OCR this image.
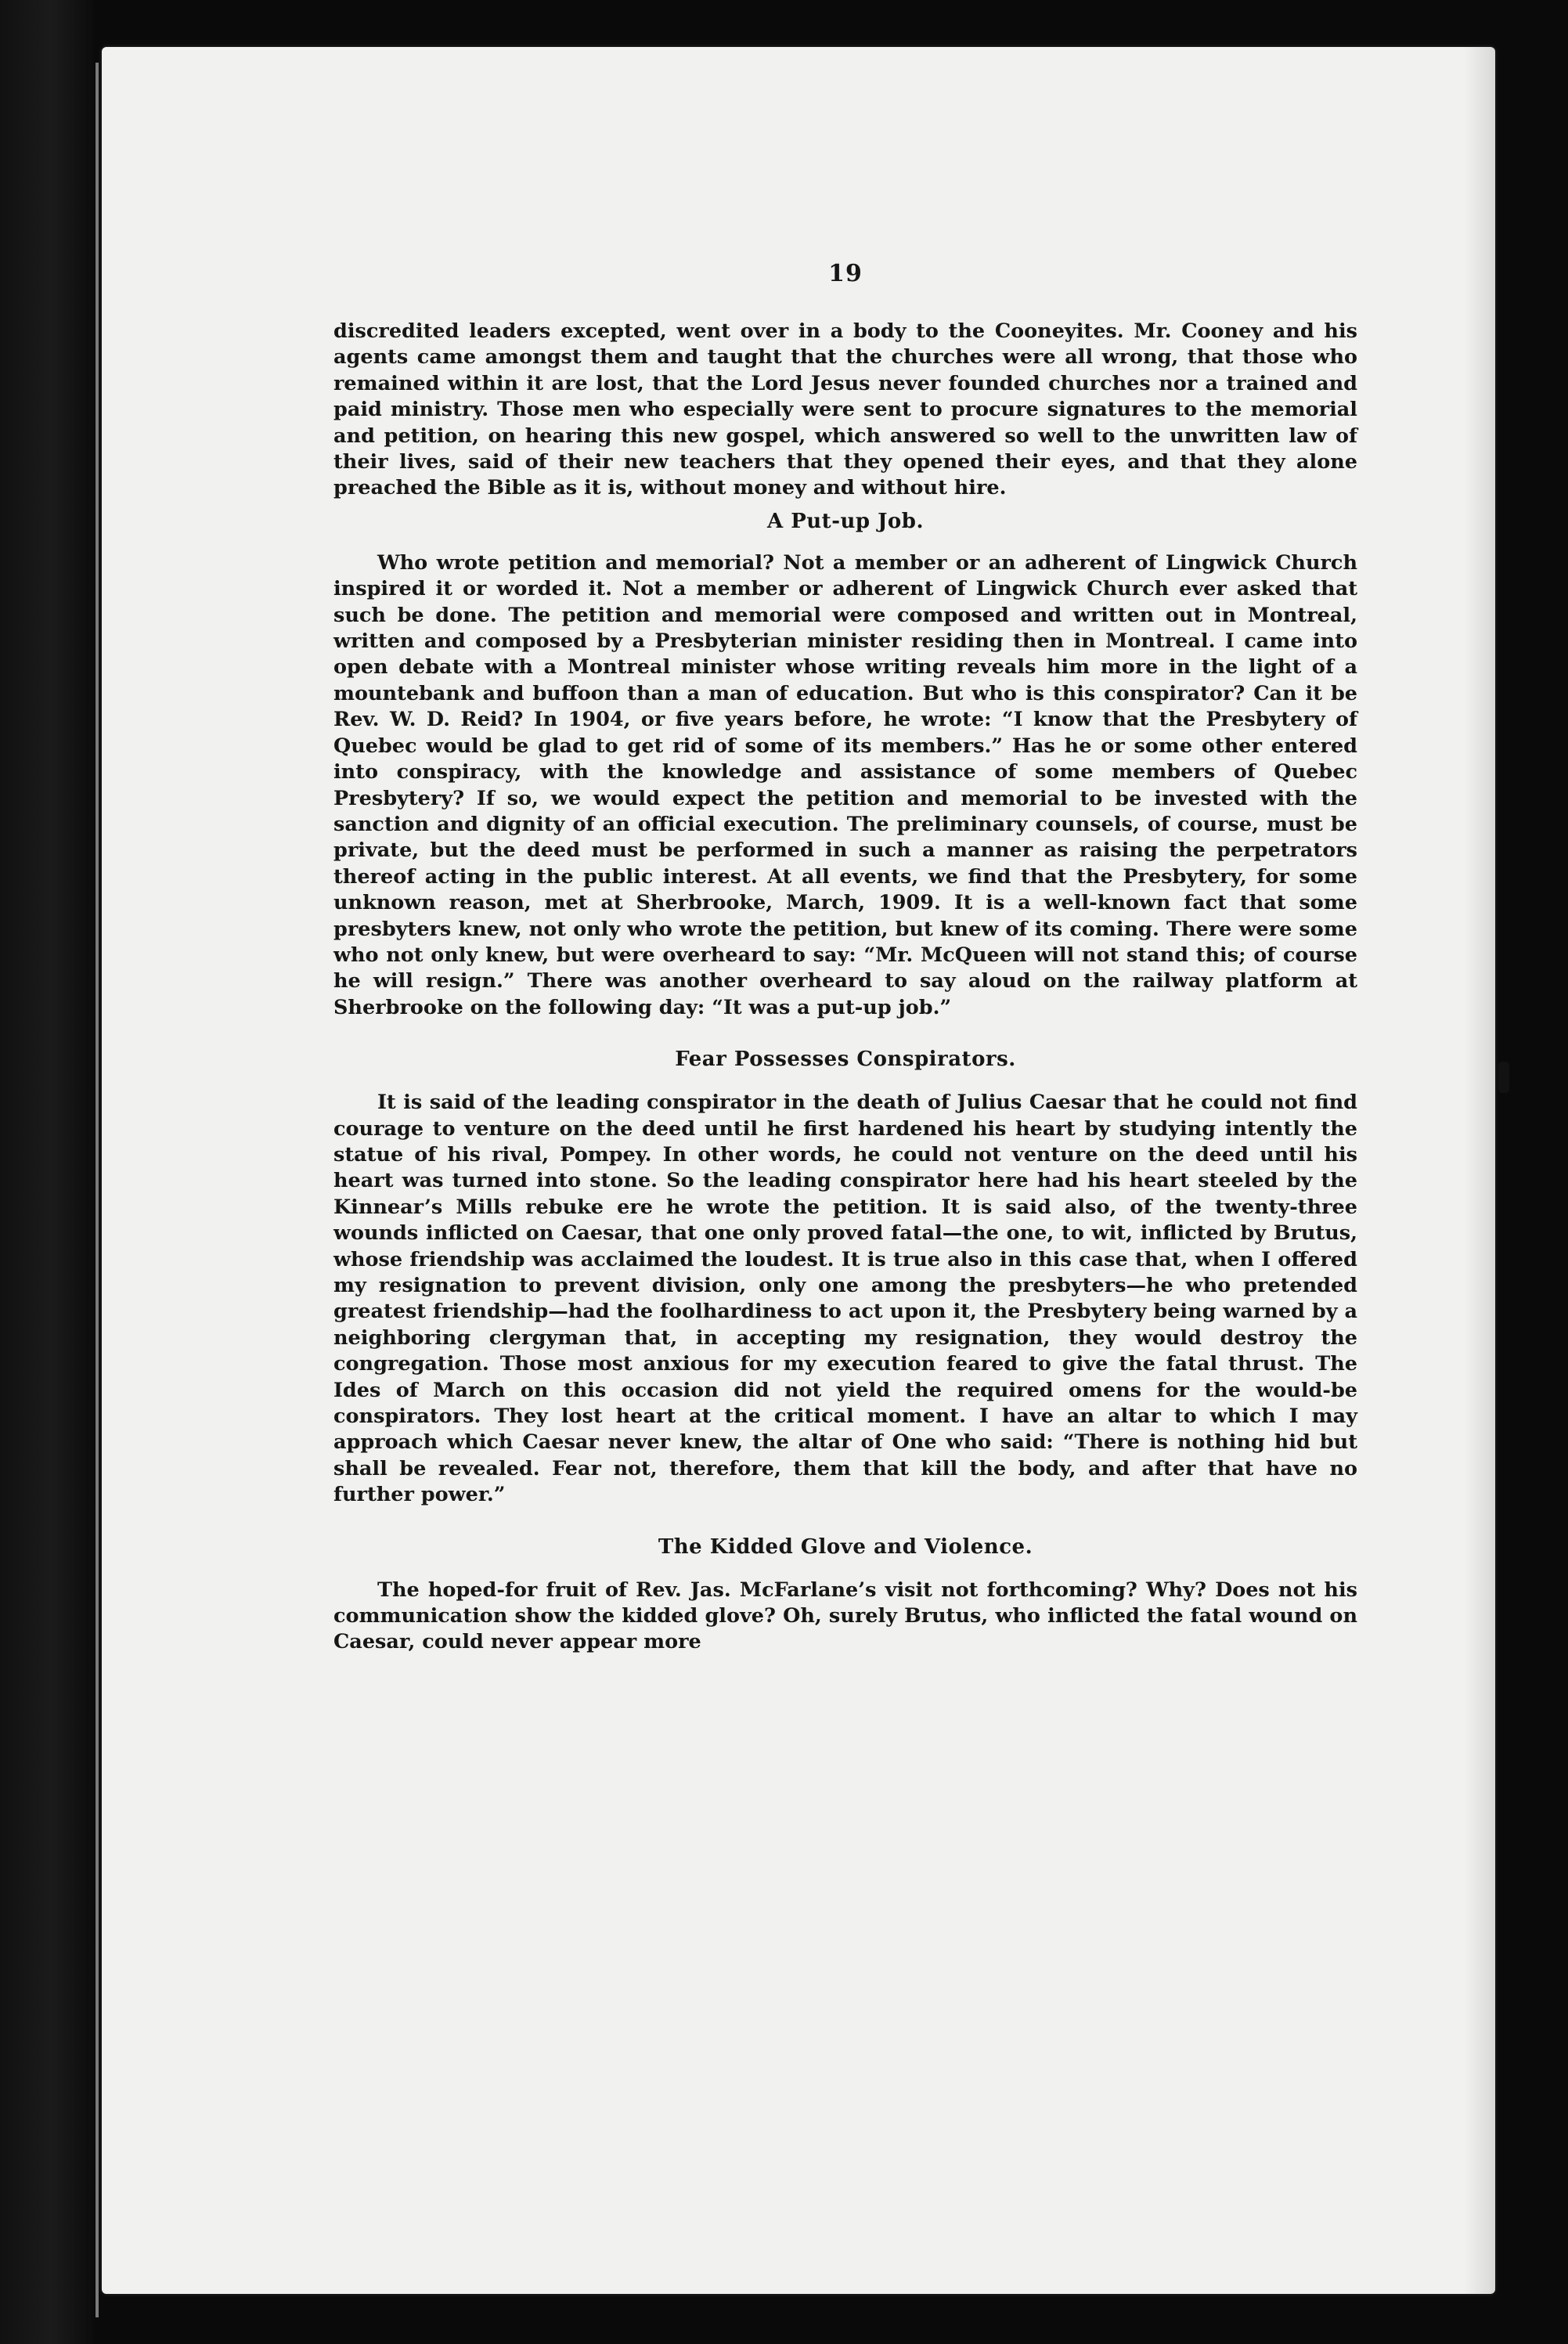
19

discredited leaders excepted, went over in a body to the Cooneyites. Mr. Cooney and his agents came amongst them and taught that the churches were all wrong, that those who remained within it are lost, that the Lord Jesus never founded churches nor a trained and paid ministry. Those men who especially were sent to procure signatures to the memorial and petition, on hearing this new gospel, which answered so well to the unwritten law of their lives, said of their new teachers that they opened their eyes, and that they alone preached the Bible as it is, without money and without hire.

A Put-up Job.

Who wrote petition and memorial? Not a member or an adherent of Lingwick Church inspired it or worded it. Not a member or adherent of Lingwick Church ever asked that such be done. The petition and memorial were composed and written out in Montreal, written and composed by a Presbyterian minister residing then in Montreal. I came into open debate with a Montreal minister whose writing reveals him more in the light of a mountebank and buffoon than a man of education. But who is this conspirator? Can it be Rev. W. D. Reid? In 1904, or five years before, he wrote: “I know that the Presbytery of Quebec would be glad to get rid of some of its members.” Has he or some other entered into conspiracy, with the knowledge and assistance of some members of Quebec Presbytery? If so, we would expect the petition and memorial to be invested with the sanction and dignity of an official execution. The preliminary counsels, of course, must be private, but the deed must be performed in such a manner as raising the perpetrators thereof acting in the public interest. At all events, we find that the Presbytery, for some unknown reason, met at Sherbrooke, March, 1909. It is a well-known fact that some presbyters knew, not only who wrote the petition, but knew of its coming. There were some who not only knew, but were overheard to say: “Mr. McQueen will not stand this; of course he will resign.” There was another overheard to say aloud on the railway platform at Sherbrooke on the following day: “It was a put-up job.”

Fear Possesses Conspirators.

It is said of the leading conspirator in the death of Julius Caesar that he could not find courage to venture on the deed until he first hardened his heart by studying intently the statue of his rival, Pompey. In other words, he could not venture on the deed until his heart was turned into stone. So the leading conspirator here had his heart steeled by the Kinnear’s Mills rebuke ere he wrote the petition. It is said also, of the twenty-three wounds inflicted on Caesar, that one only proved fatal—the one, to wit, inflicted by Brutus, whose friendship was acclaimed the loudest. It is true also in this case that, when I offered my resignation to prevent division, only one among the presbyters—he who pretended greatest friendship—had the foolhardiness to act upon it, the Presbytery being warned by a neighboring clergyman that, in accepting my resignation, they would destroy the congregation. Those most anxious for my execution feared to give the fatal thrust. The Ides of March on this occasion did not yield the required omens for the would-be conspirators. They lost heart at the critical moment. I have an altar to which I may approach which Caesar never knew, the altar of One who said: “There is nothing hid but shall be revealed. Fear not, therefore, them that kill the body, and after that have no further power.”

The Kidded Glove and Violence.

The hoped-for fruit of Rev. Jas. McFarlane’s visit not forthcoming? Why? Does not his communication show the kidded glove? Oh, surely Brutus, who inflicted the fatal wound on Caesar, could never appear more
